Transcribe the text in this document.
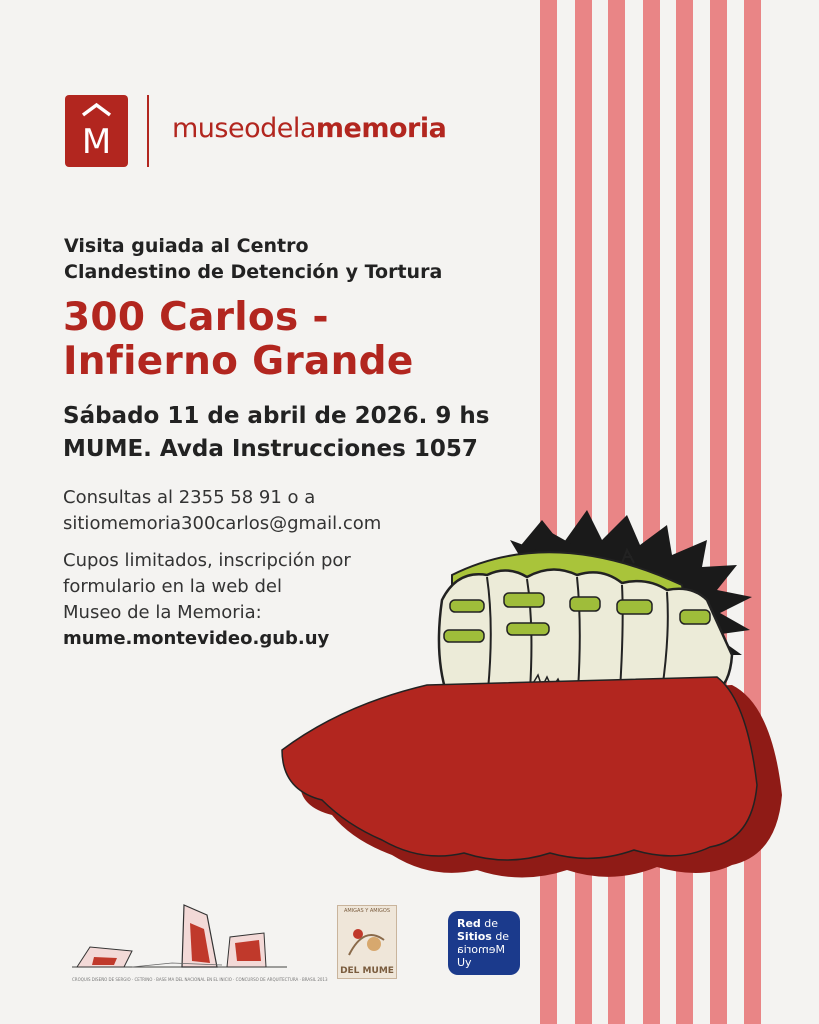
M museodelamemoria
Visita guiada al Centro
Clandestino de Detención y Tortura
300 Carlos -
Infierno Grande
Sábado 11 de abril de 2026. 9 hs
MUME. Avda Instrucciones 1057
Consultas al 2355 58 91 o a
sitiomemoria300carlos@gmail.com
Cupos limitados, inscripción por
formulario en la web del
Museo de la Memoria:
mume.montevideo.gub.uy
CROQUIS DISEÑO DE SERGIO · CETRINO · BASE MA DEL NACIONAL EN EL INICIO · CONCURSO DE ARQUITECTURA · BRASIL 2013
AMIGAS Y AMIGOS
DEL MUME
Red de
Sitios de
Memoria
Uy
